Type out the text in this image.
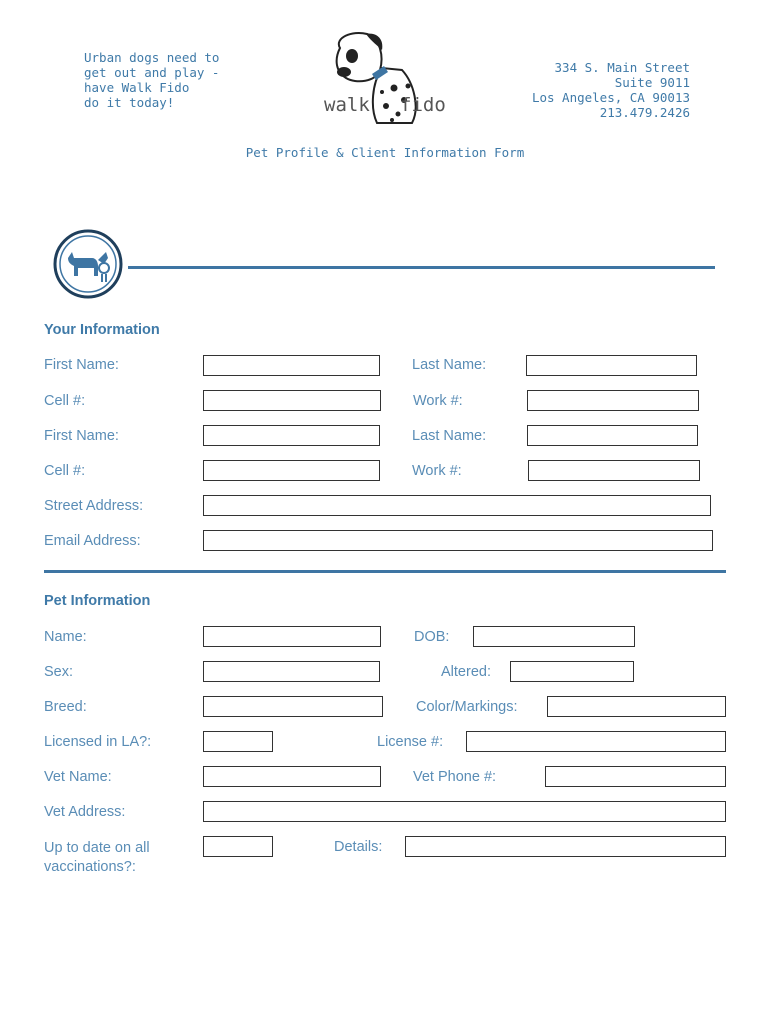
Urban dogs need to
get out and play -
have Walk Fido
do it today!	walk fido
334 S. Main Street
Suite 9011
Los Angeles, CA 90013
213.479.2426
Pet Profile & Client Information Form
Your Information
First Name:	Last Name:
Cell #:	Work #:
First Name:	Last Name:
Cell #:	Work #:
Street Address:
Email Address:
Pet Information
Name:	DOB:
Sex:	Altered:
Breed:	Color/Markings:
Licensed in LA?:	License #:
Vet Name:	Vet Phone #:
Vet Address:
Up to date on all
vaccinations?:
Details:
